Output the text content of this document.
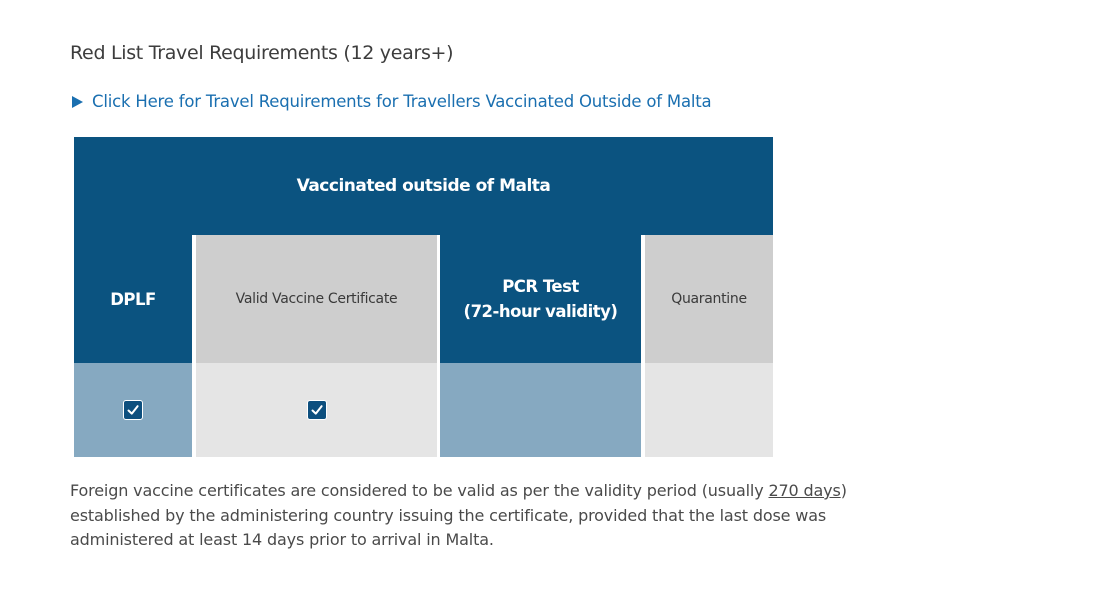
Red List Travel Requirements (12 years+)
Click Here for Travel Requirements for Travellers Vaccinated Outside of Malta
Vaccinated outside of Malta
DPLF	Valid Vaccine Certificate
PCR Test
(72-hour validity)
Quarantine
Foreign vaccine certificates are considered to be valid as per the validity period (usually 270 days) established by the administering country issuing the certificate, provided that the last dose was administered at least 14 days prior to arrival in Malta.
